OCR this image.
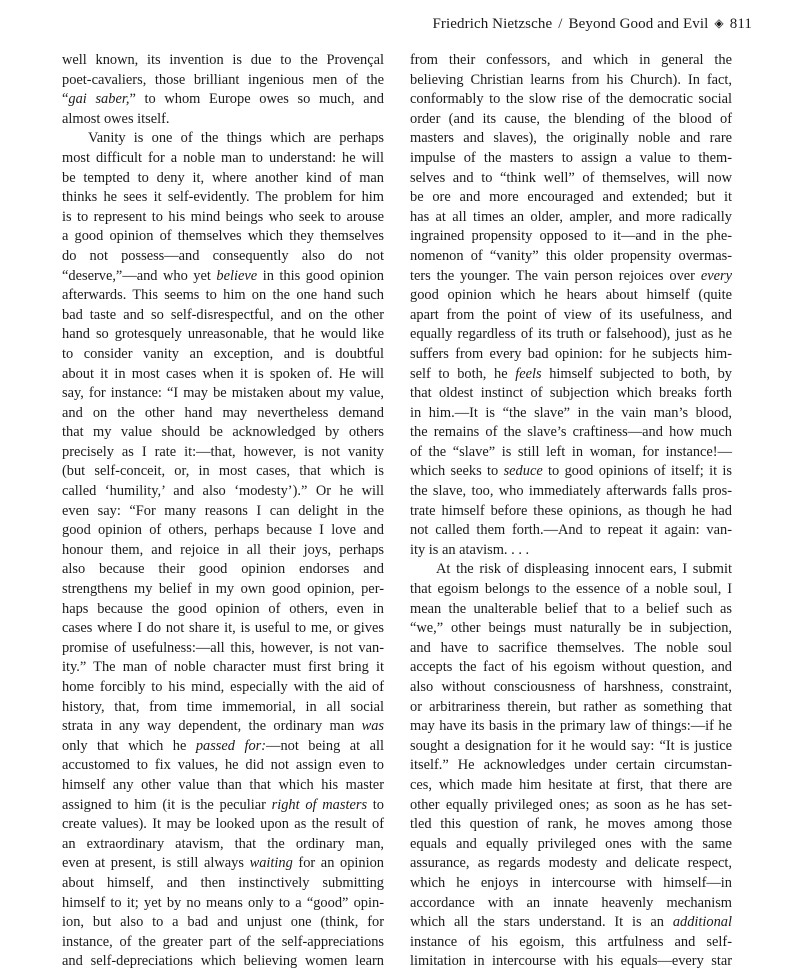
Friedrich Nietzsche / Beyond Good and Evil ◈ 811
well known, its invention is due to the Provençal
poet-cavaliers, those brilliant ingenious men of the
“gai saber,” to whom Europe owes so much, and
almost owes itself.
Vanity is one of the things which are perhaps
most difficult for a noble man to understand: he will
be tempted to deny it, where another kind of man
thinks he sees it self-evidently. The problem for him
is to represent to his mind beings who seek to arouse
a good opinion of themselves which they themselves
do not possess—and consequently also do not
“deserve,”—and who yet believe in this good opinion
afterwards. This seems to him on the one hand such
bad taste and so self-disrespectful, and on the other
hand so grotesquely unreasonable, that he would like
to consider vanity an exception, and is doubtful
about it in most cases when it is spoken of. He will
say, for instance: “I may be mistaken about my value,
and on the other hand may nevertheless demand
that my value should be acknowledged by others
precisely as I rate it:—that, however, is not vanity
(but self-conceit, or, in most cases, that which is
called ‘humility,’ and also ‘modesty’).” Or he will
even say: “For many reasons I can delight in the
good opinion of others, perhaps because I love and
honour them, and rejoice in all their joys, perhaps
also because their good opinion endorses and
strengthens my belief in my own good opinion, per-
haps because the good opinion of others, even in
cases where I do not share it, is useful to me, or gives
promise of usefulness:—all this, however, is not van-
ity.” The man of noble character must first bring it
home forcibly to his mind, especially with the aid of
history, that, from time immemorial, in all social
strata in any way dependent, the ordinary man was
only that which he passed for:—not being at all
accustomed to fix values, he did not assign even to
himself any other value than that which his master
assigned to him (it is the peculiar right of masters to
create values). It may be looked upon as the result of
an extraordinary atavism, that the ordinary man,
even at present, is still always waiting for an opinion
about himself, and then instinctively submitting
himself to it; yet by no means only to a “good” opin-
ion, but also to a bad and unjust one (think, for
instance, of the greater part of the self-appreciations
and self-depreciations which believing women learn
from their confessors, and which in general the
believing Christian learns from his Church). In fact,
conformably to the slow rise of the democratic social
order (and its cause, the blending of the blood of
masters and slaves), the originally noble and rare
impulse of the masters to assign a value to them-
selves and to “think well” of themselves, will now
be ore and more encouraged and extended; but it
has at all times an older, ampler, and more radically
ingrained propensity opposed to it—and in the phe-
nomenon of “vanity” this older propensity overmas-
ters the younger. The vain person rejoices over every
good opinion which he hears about himself (quite
apart from the point of view of its usefulness, and
equally regardless of its truth or falsehood), just as he
suffers from every bad opinion: for he subjects him-
self to both, he feels himself subjected to both, by
that oldest instinct of subjection which breaks forth
in him.—It is “the slave” in the vain man’s blood,
the remains of the slave’s craftiness—and how much
of the “slave” is still left in woman, for instance!—
which seeks to seduce to good opinions of itself; it is
the slave, too, who immediately afterwards falls pros-
trate himself before these opinions, as though he had
not called them forth.—And to repeat it again: van-
ity is an atavism. . . .
At the risk of displeasing innocent ears, I submit
that egoism belongs to the essence of a noble soul, I
mean the unalterable belief that to a belief such as
“we,” other beings must naturally be in subjection,
and have to sacrifice themselves. The noble soul
accepts the fact of his egoism without question, and
also without consciousness of harshness, constraint,
or arbitrariness therein, but rather as something that
may have its basis in the primary law of things:—if he
sought a designation for it he would say: “It is justice
itself.” He acknowledges under certain circumstan-
ces, which made him hesitate at first, that there are
other equally privileged ones; as soon as he has set-
tled this question of rank, he moves among those
equals and equally privileged ones with the same
assurance, as regards modesty and delicate respect,
which he enjoys in intercourse with himself—in
accordance with an innate heavenly mechanism
which all the stars understand. It is an additional
instance of his egoism, this artfulness and self-
limitation in intercourse with his equals—every star
